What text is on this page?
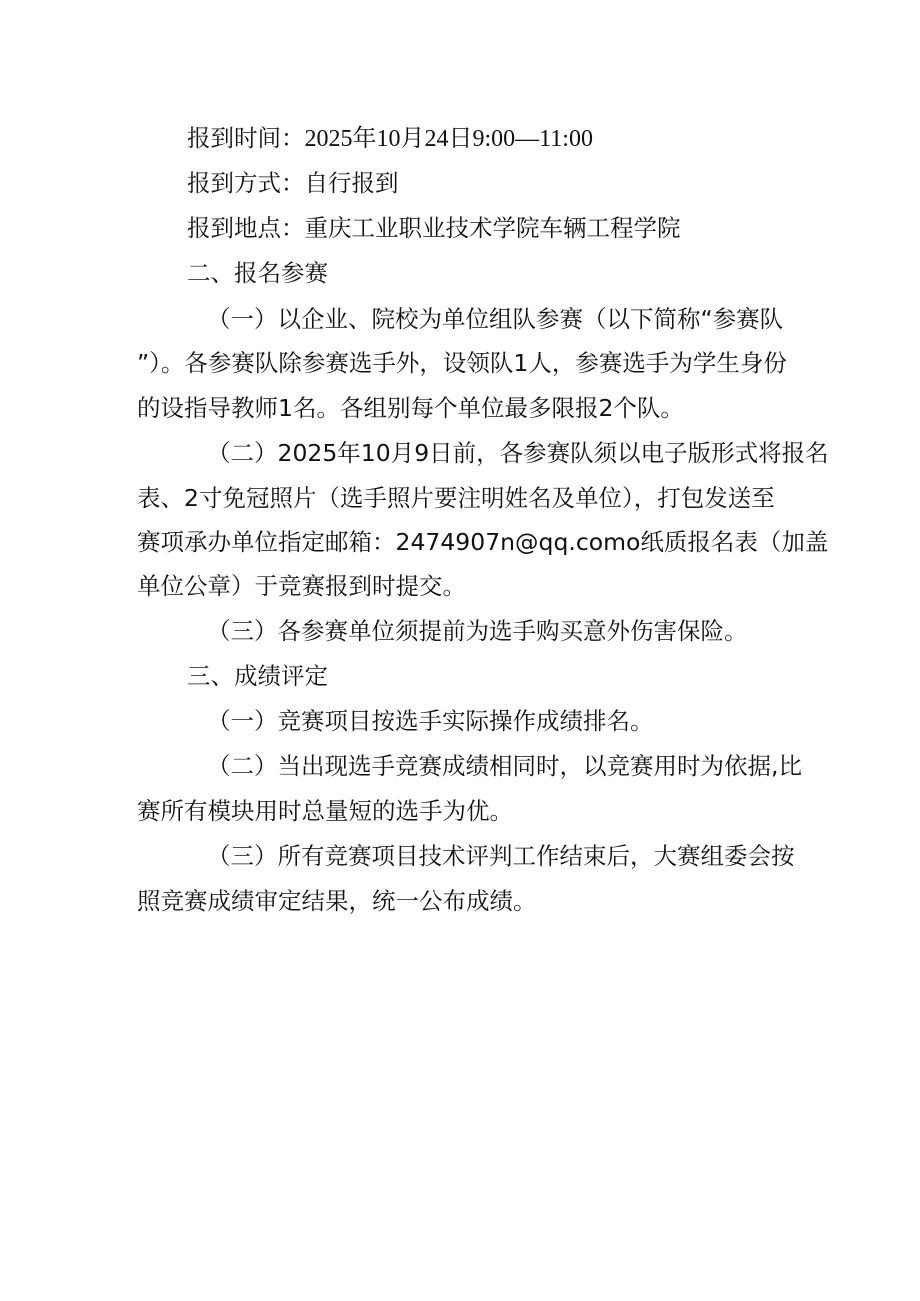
报到时间：2025年10月24日9:00—11:00
报到方式：自行报到
报到地点：重庆工业职业技术学院车辆工程学院
二、报名参赛
（一）以企业、院校为单位组队参赛（以下简称“参赛队
”）。各参赛队除参赛选手外，设领队1人，参赛选手为学生身份
的设指导教师1名。各组别每个单位最多限报2个队。
（二）2025年10月9日前，各参赛队须以电子版形式将报名
表、2寸免冠照片（选手照片要注明姓名及单位），打包发送至
赛项承办单位指定邮箱：2474907n@qq.como纸质报名表（加盖
单位公章）于竞赛报到时提交。
（三）各参赛单位须提前为选手购买意外伤害保险。
三、成绩评定
（一）竞赛项目按选手实际操作成绩排名。
（二）当出现选手竞赛成绩相同时，以竞赛用时为依据,比
赛所有模块用时总量短的选手为优。
（三）所有竞赛项目技术评判工作结束后，大赛组委会按
照竞赛成绩审定结果，统一公布成绩。
